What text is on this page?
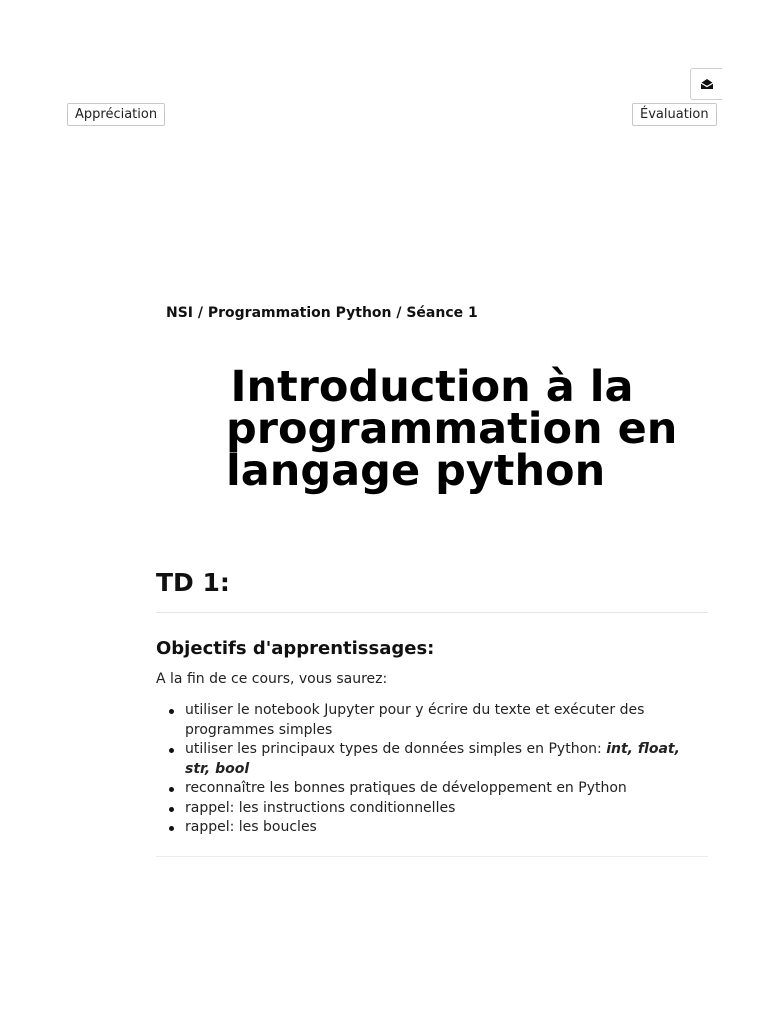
Appréciation	Évaluation
NSI / Programmation Python / Séance 1
Introduction à la
programmation en
langage python
TD 1:
Objectifs d'apprentissages:

A la fin de ce cours, vous saurez:

utiliser le notebook Jupyter pour y écrire du texte et exécuter des programmes simples
utiliser les principaux types de données simples en Python: int, float, str, bool
reconnaître les bonnes pratiques de développement en Python
rappel: les instructions conditionnelles
rappel: les boucles
